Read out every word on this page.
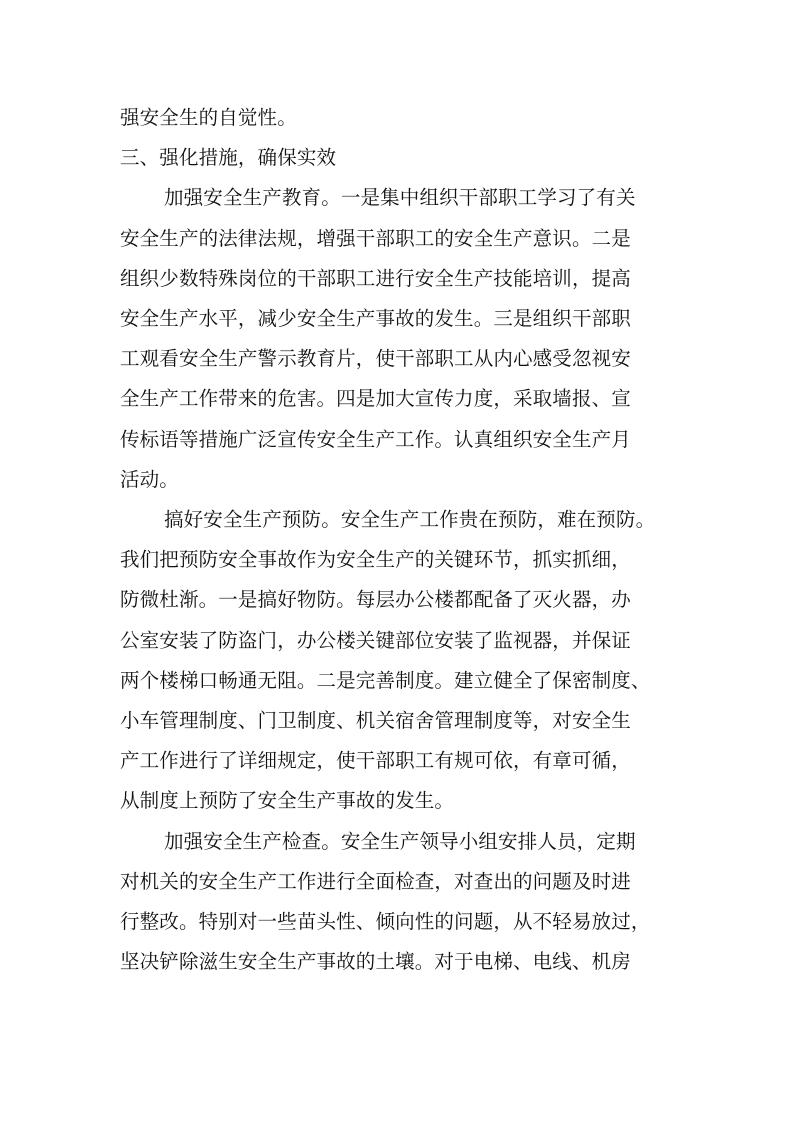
强安全生的自觉性。
三、强化措施，确保实效
加强安全生产教育。一是集中组织干部职工学习了有关
安全生产的法律法规，增强干部职工的安全生产意识。二是
组织少数特殊岗位的干部职工进行安全生产技能培训，提高
安全生产水平，减少安全生产事故的发生。三是组织干部职
工观看安全生产警示教育片，使干部职工从内心感受忽视安
全生产工作带来的危害。四是加大宣传力度，采取墙报、宣
传标语等措施广泛宣传安全生产工作。认真组织安全生产月
活动。
搞好安全生产预防。安全生产工作贵在预防，难在预防。
我们把预防安全事故作为安全生产的关键环节，抓实抓细，
防微杜渐。一是搞好物防。每层办公楼都配备了灭火器，办
公室安装了防盗门，办公楼关键部位安装了监视器，并保证
两个楼梯口畅通无阻。二是完善制度。建立健全了保密制度、
小车管理制度、门卫制度、机关宿舍管理制度等，对安全生
产工作进行了详细规定，使干部职工有规可依，有章可循，
从制度上预防了安全生产事故的发生。
加强安全生产检查。安全生产领导小组安排人员，定期
对机关的安全生产工作进行全面检查，对查出的问题及时进
行整改。特别对一些苗头性、倾向性的问题，从不轻易放过，
坚决铲除滋生安全生产事故的土壤。对于电梯、电线、机房
